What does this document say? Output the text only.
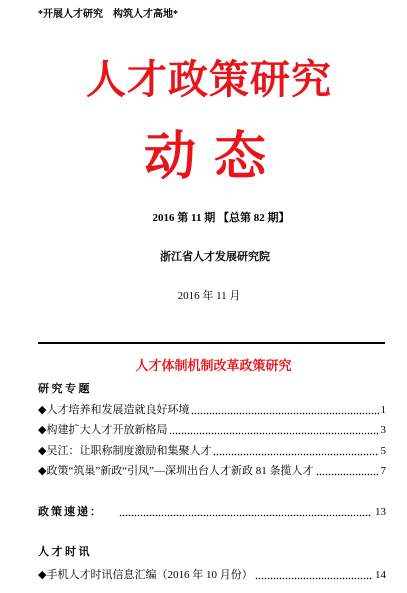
*开展人才研究　构筑人才高地*
人才政策研究
动 态
2016 第 11 期 【总第 82 期】
浙江省人才发展研究院
2016 年 11 月
人才体制机制改革政策研究
研究专题
◆人才培养和发展造就良好环境	1
◆构建扩大人才开放新格局	3
◆吴江：让职称制度激励和集聚人才	5
◆政策“筑巢”新政“引凤”—深圳出台人才新政 81 条揽人才	7
政策速递：	13
人才时讯
◆手机人才时讯信息汇编（2016 年 10 月份）	14
